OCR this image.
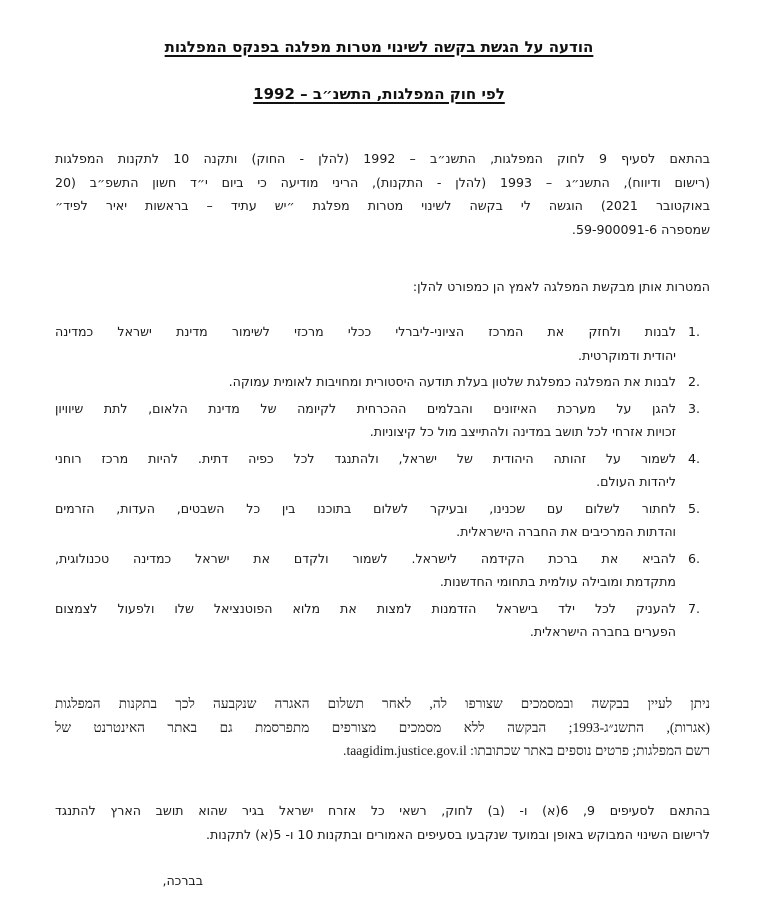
הודעה על הגשת בקשה לשינוי מטרות מפלגה בפנקס המפלגות
לפי חוק המפלגות, התשנ״ב – 1992
בהתאם לסעיף 9 לחוק המפלגות, התשנ״ב – 1992 (להלן - החוק) ותקנה 10 לתקנות המפלגות
(רישום ודיווח), התשנ״ג – 1993 (להלן - התקנות), הריני מודיעה כי ביום י״ד חשון התשפ״ב (20
באוקטובר 2021) הוגשה לי בקשה לשינוי מטרות מפלגת ״יש עתיד – בראשות יאיר לפיד״
שמספרה 59-900091-6.
המטרות אותן מבקשת המפלגה לאמץ הן כמפורט להלן:
1.
לבנות ולחזק את המרכז הציוני-ליברלי ככלי מרכזי לשימור מדינת ישראל כמדינה
יהודית ודמוקרטית.
2.
לבנות את המפלגה כמפלגת שלטון בעלת תודעה היסטורית ומחויבות לאומית עמוקה.
3.
להגן על מערכת האיזונים והבלמים ההכרחית לקיומה של מדינת הלאום, לתת שיוויון
זכויות אזרחי לכל תושב במדינה ולהתייצב מול כל קיצוניות.
4.
לשמור על זהותה היהודית של ישראל, ולהתנגד לכל כפיה דתית. להיות מרכז רוחני
ליהדות העולם.
5.
לחתור לשלום עם שכנינו, ובעיקר לשלום בתוכנו בין כל השבטים, העדות, הזרמים
והדתות המרכיבים את החברה הישראלית.
6.
להביא את ברכת הקידמה לישראל. לשמור ולקדם את ישראל כמדינה טכנולוגית,
מתקדמת ומובילה עולמית בתחומי החדשנות.
7.
להעניק לכל ילד בישראל הזדמנות למצות את מלוא הפוטנציאל שלו ולפעול לצמצום
הפערים בחברה הישראלית.
ניתן לעיין בבקשה ובמסמכים שצורפו לה, לאחר תשלום האגרה שנקבעה לכך בתקנות המפלגות
(אגרות), התשנ״ג-1993; הבקשה ללא מסמכים מצורפים מתפרסמת גם באתר האינטרנט של
רשם המפלגות; פרטים נוספים באתר שכתובתו: taagidim.justice.gov.il.
בהתאם לסעיפים 9, 6(א) ו- (ב) לחוק, רשאי כל אזרח ישראל בגיר שהוא תושב הארץ להתנגד
לרישום השינוי המבוקש באופן ובמועד שנקבעו בסעיפים האמורים ובתקנות 10 ו- 5(א) לתקנות.
בברכה,
